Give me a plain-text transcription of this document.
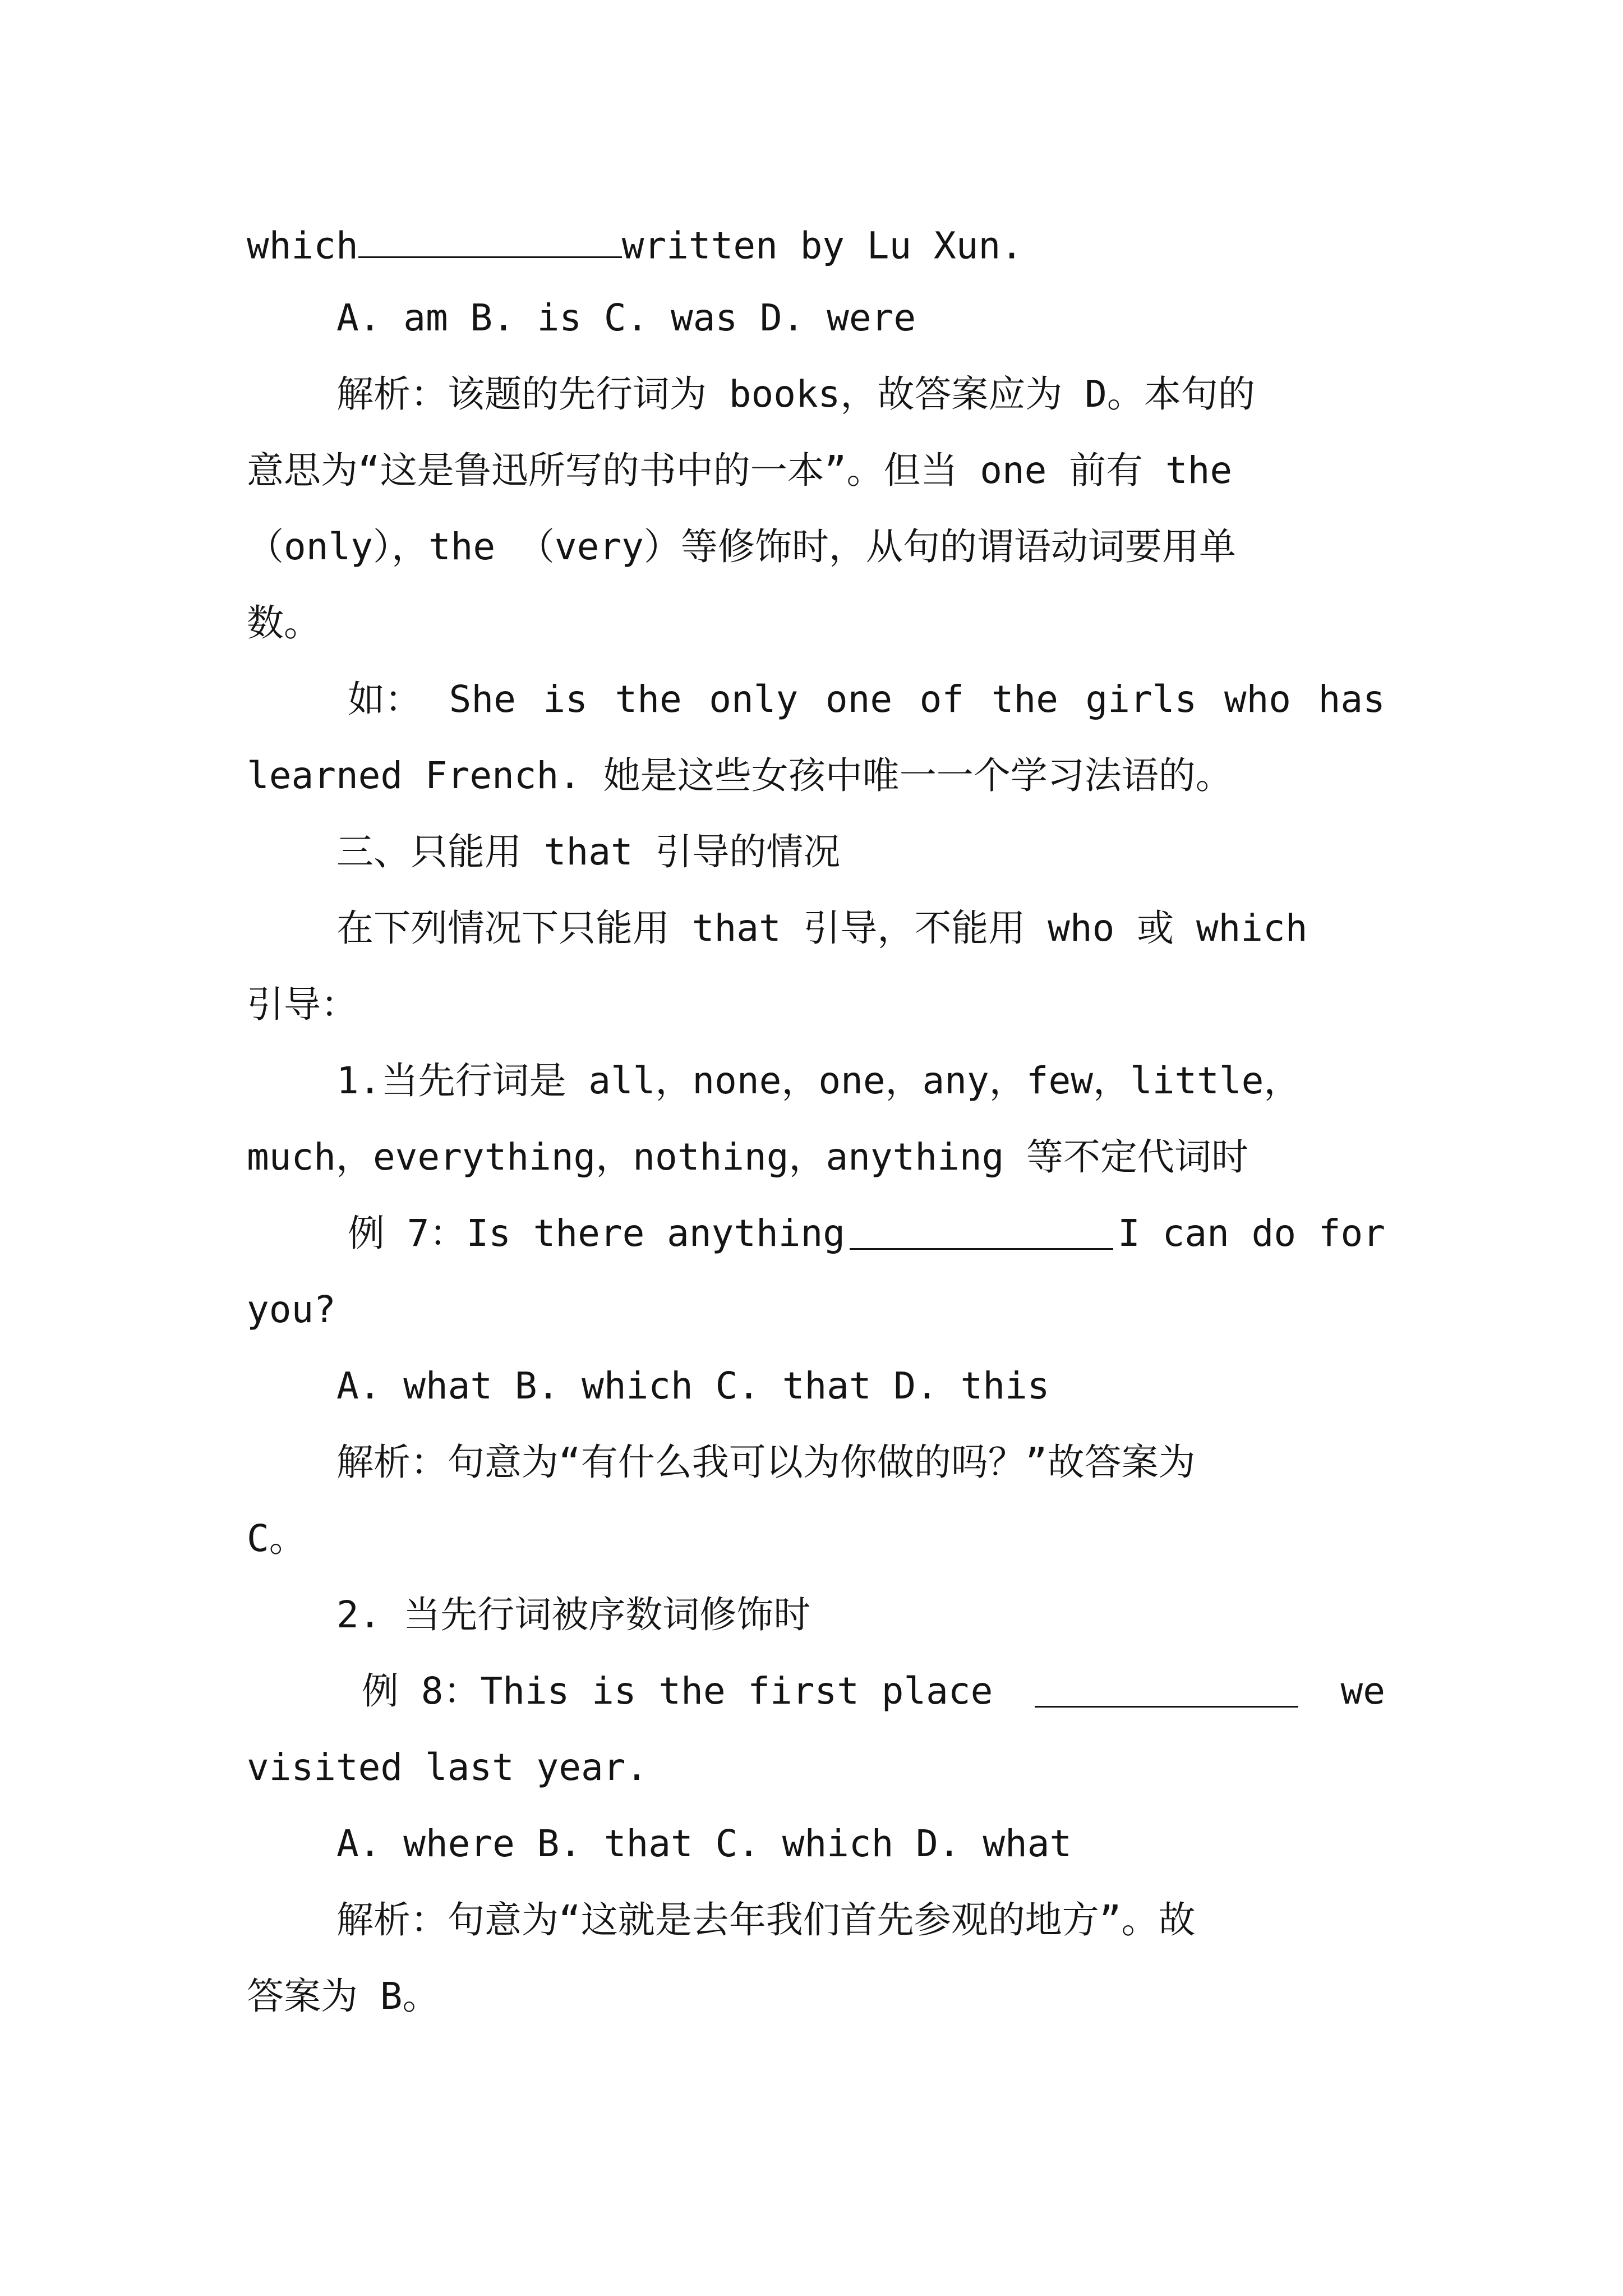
which	written by Lu Xun.
A. am B. is C. was D. were
解析：该题的先行词为 books，故答案应为 D。本句的
意思为“这是鲁迅所写的书中的一本”。但当 one 前有 the
（only），the （very）等修饰时，从句的谓语动词要用单
数。
如： She is the only one of the girls who has
learned French. 她是这些女孩中唯一一个学习法语的。
三、只能用 that 引导的情况
在下列情况下只能用 that 引导，不能用 who 或 which
引导：
1.当先行词是 all，none，one，any，few，little，
much，everything，nothing，anything 等不定代词时
例 7：Is there anything	I can do for
you?
A. what B. which C. that D. this
解析：句意为“有什么我可以为你做的吗？”故答案为
C。
2. 当先行词被序数词修饰时
例 8：This is the first place	we
visited last year.
A. where B. that C. which D. what
解析：句意为“这就是去年我们首先参观的地方”。故
答案为 B。
